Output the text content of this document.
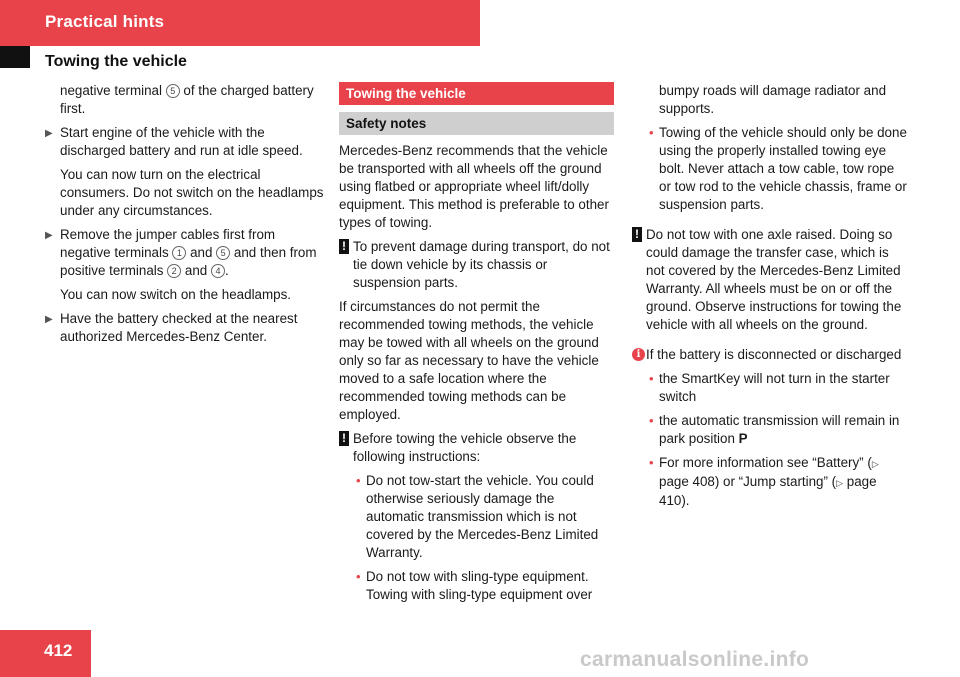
Practical hints
Towing the vehicle

negative terminal 5 of the charged battery first.

▶ Start engine of the vehicle with the discharged battery and run at idle speed.

You can now turn on the electrical consumers. Do not switch on the headlamps under any circumstances.

▶ Remove the jumper cables first from negative terminals 1 and 5 and then from positive terminals 2 and 4 .

You can now switch on the headlamps.

▶ Have the battery checked at the nearest authorized Mercedes-Benz Center.
Towing the vehicle
Safety notes

Mercedes-Benz recommends that the vehicle be transported with all wheels off the ground using flatbed or appropriate wheel lift/dolly equipment. This method is preferable to other types of towing.

! To prevent damage during transport, do not tie down vehicle by its chassis or suspension parts.

If circumstances do not permit the recommended towing methods, the vehicle may be towed with all wheels on the ground only so far as necessary to have the vehicle moved to a safe location where the recommended towing methods can be employed.

! Before towing the vehicle observe the following instructions:
• Do not tow-start the vehicle. You could otherwise seriously damage the automatic transmission which is not covered by the Mercedes-Benz Limited Warranty.
• Do not tow with sling-type equipment. Towing with sling-type equipment over
bumpy roads will damage radiator and supports.
• Towing of the vehicle should only be done using the properly installed towing eye bolt. Never attach a tow cable, tow rope or tow rod to the vehicle chassis, frame or suspension parts.
! Do not tow with one axle raised. Doing so could damage the transfer case, which is not covered by the Mercedes-Benz Limited Warranty. All wheels must be on or off the ground. Observe instructions for towing the vehicle with all wheels on the ground.
i If the battery is disconnected or discharged
• the SmartKey will not turn in the starter switch
• the automatic transmission will remain in park position P
• For more information see “Battery” (▷ page 408) or “Jump starting” (▷ page 410).
412	carmanualsonline.info
